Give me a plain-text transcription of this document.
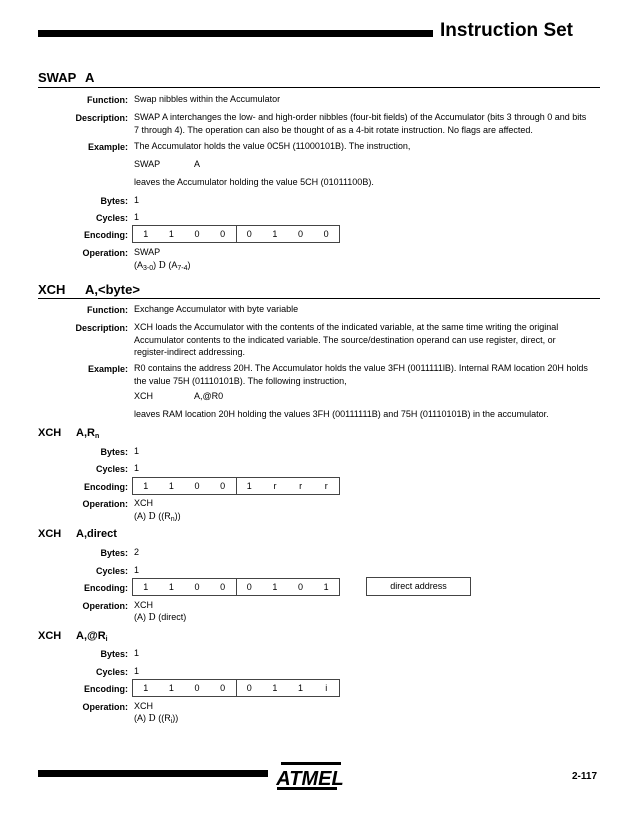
Instruction Set
SWAP A
Function: Swap nibbles within the Accumulator
Description: SWAP A interchanges the low- and high-order nibbles (four-bit fields) of the Accumulator (bits 3 through 0 and bits 7 through 4). The operation can also be thought of as a 4-bit rotate instruction. No flags are affected.
Example: The Accumulator holds the value 0C5H (11000101B). The instruction,
SWAP	A
leaves the Accumulator holding the value 5CH (01011100B).
Bytes: 1
Cycles: 1
Encoding:	1	1	0	0	0	1	0	0
Operation: SWAP
$(A_{3-0})$ D $(A_{7-4})$
XCH A,<byte>
Function: Exchange Accumulator with byte variable
Description: XCH loads the Accumulator with the contents of the indicated variable, at the same time writing the original Accumulator contents to the indicated variable. The source/destination operand can use register, direct, or register-indirect addressing.
Example: R0 contains the address 20H. The Accumulator holds the value 3FH (0011111lB). Internal RAM location 20H holds the value 75H (01110101B). The following instruction,
XCH	A,@R0
leaves RAM location 20H holding the values 3FH (00111111B) and 75H (01110101B) in the accumulator.
XCH $A,R_n$
Bytes: 1
Cycles: 1
Encoding:	1	1	0	0	1	r	r	r
Operation: XCH
(A) D $((R_n))$
XCH A,direct
Bytes: 2
Cycles: 1
Encoding:	1	1	0	0	0	1	0	1	direct address
Operation: XCH
(A) D (direct)
XCH $A,@R_i$
Bytes: 1
Cycles: 1
Encoding:	1	1	0	0	0	1	1	i
Operation: XCH
(A) D $((R_i))$
ATMEL	2-117
